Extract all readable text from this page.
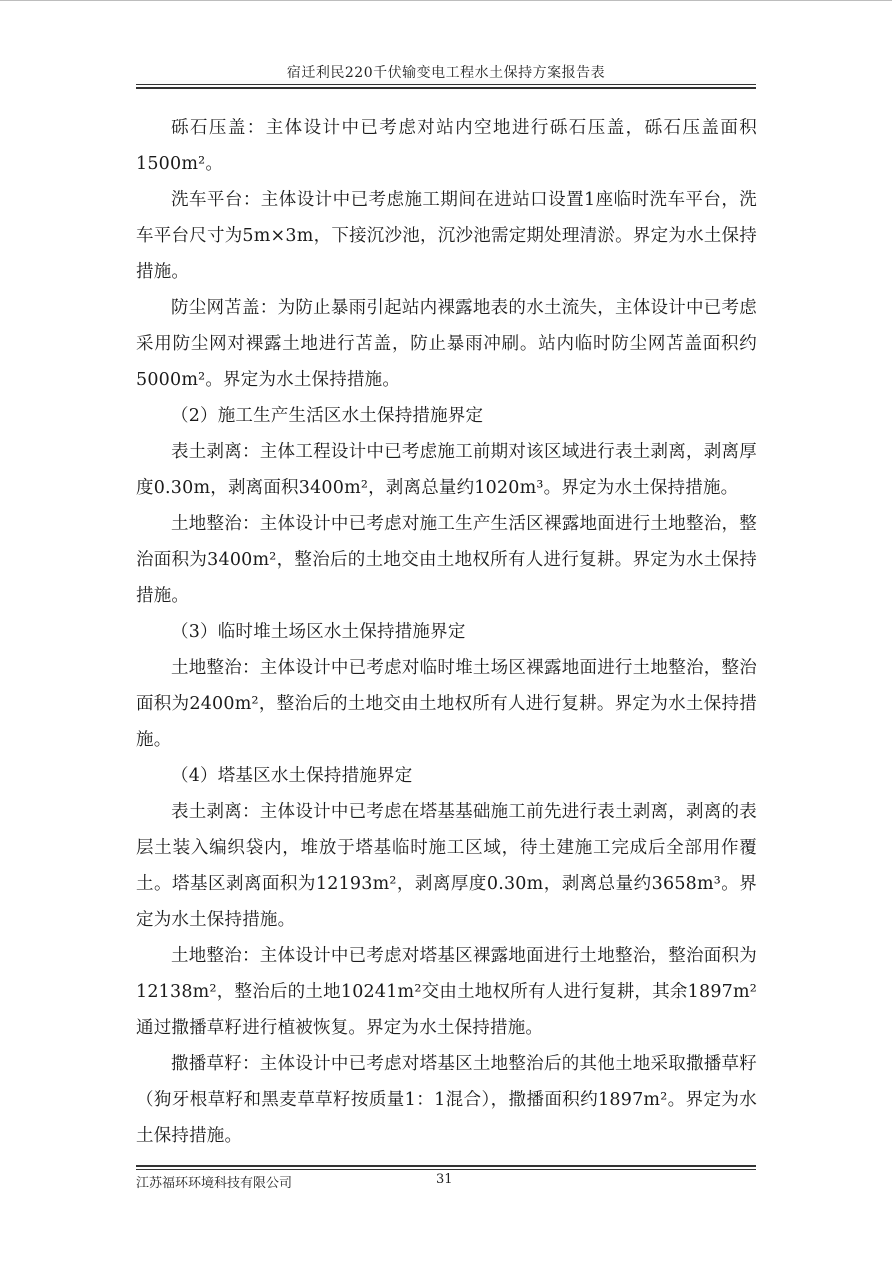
宿迁利民220千伏输变电工程水土保持方案报告表

砾石压盖：主体设计中已考虑对站内空地进行砾石压盖，砾石压盖面积1500m²。

洗车平台：主体设计中已考虑施工期间在进站口设置1座临时洗车平台，洗车平台尺寸为5m×3m，下接沉沙池，沉沙池需定期处理清淤。界定为水土保持措施。

防尘网苫盖：为防止暴雨引起站内裸露地表的水土流失，主体设计中已考虑采用防尘网对裸露土地进行苫盖，防止暴雨冲刷。站内临时防尘网苫盖面积约5000m²。界定为水土保持措施。

（2）施工生产生活区水土保持措施界定

表土剥离：主体工程设计中已考虑施工前期对该区域进行表土剥离，剥离厚度0.30m，剥离面积3400m²，剥离总量约1020m³。界定为水土保持措施。

土地整治：主体设计中已考虑对施工生产生活区裸露地面进行土地整治，整治面积为3400m²，整治后的土地交由土地权所有人进行复耕。界定为水土保持措施。

（3）临时堆土场区水土保持措施界定

土地整治：主体设计中已考虑对临时堆土场区裸露地面进行土地整治，整治面积为2400m²，整治后的土地交由土地权所有人进行复耕。界定为水土保持措施。

（4）塔基区水土保持措施界定

表土剥离：主体设计中已考虑在塔基基础施工前先进行表土剥离，剥离的表层土装入编织袋内，堆放于塔基临时施工区域，待土建施工完成后全部用作覆土。塔基区剥离面积为12193m²，剥离厚度0.30m，剥离总量约3658m³。界定为水土保持措施。

土地整治：主体设计中已考虑对塔基区裸露地面进行土地整治，整治面积为12138m²，整治后的土地10241m²交由土地权所有人进行复耕，其余1897m²通过撒播草籽进行植被恢复。界定为水土保持措施。

撒播草籽：主体设计中已考虑对塔基区土地整治后的其他土地采取撒播草籽（狗牙根草籽和黑麦草草籽按质量1：1混合），撒播面积约1897m²。界定为水土保持措施。

江苏福环环境科技有限公司	31
